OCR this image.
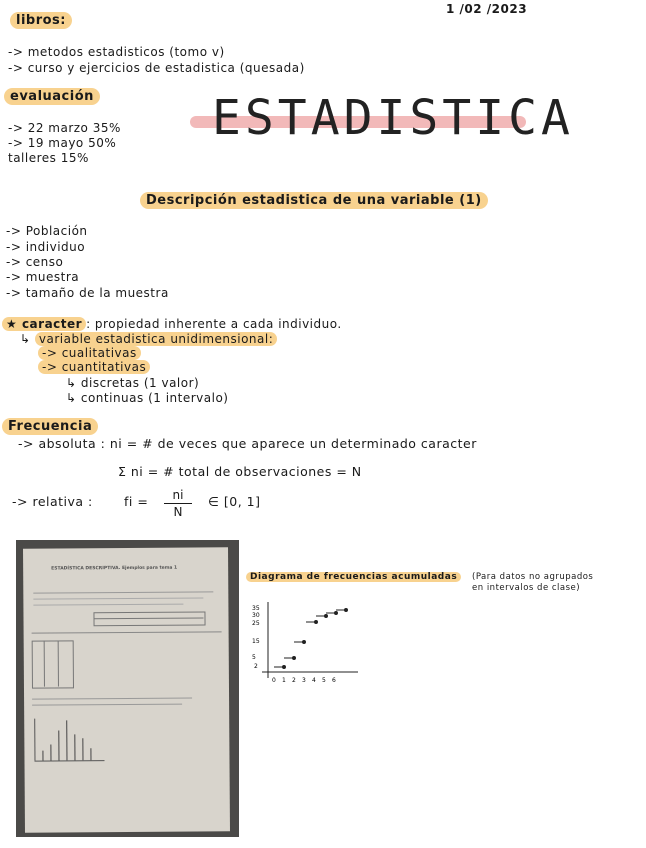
1 /02 /2023
libros:
-> metodos estadisticos (tomo v)
-> curso y ejercicios de estadistica (quesada)
evaluación
-> 22 marzo 35%
-> 19 mayo 50%
talleres 15%
ESTADISTICA
Descripción estadistica de una variable (1)
-> Población
-> individuo
-> censo
-> muestra
-> tamaño de la muestra
★ caracter : propiedad inherente a cada individuo.
↳ variable estadistica unidimensional:
-> cualitativas
-> cuantitativas
↳ discretas (1 valor)
↳ continuas (1 intervalo)
Frecuencia
-> absoluta : ni = # de veces que aparece un determinado caracter
Σ ni = # total de observaciones = N
-> relativa : fi =	ni
N
∈ [0, 1]
ESTADÍSTICA DESCRIPTIVA. Ejemplos para tema 1
Diagrama de frecuencias acumuladas	(Para datos no agrupados
en intervalos de clase)
35
30
25
15
5
2
0 1 2 3 4 5 6
